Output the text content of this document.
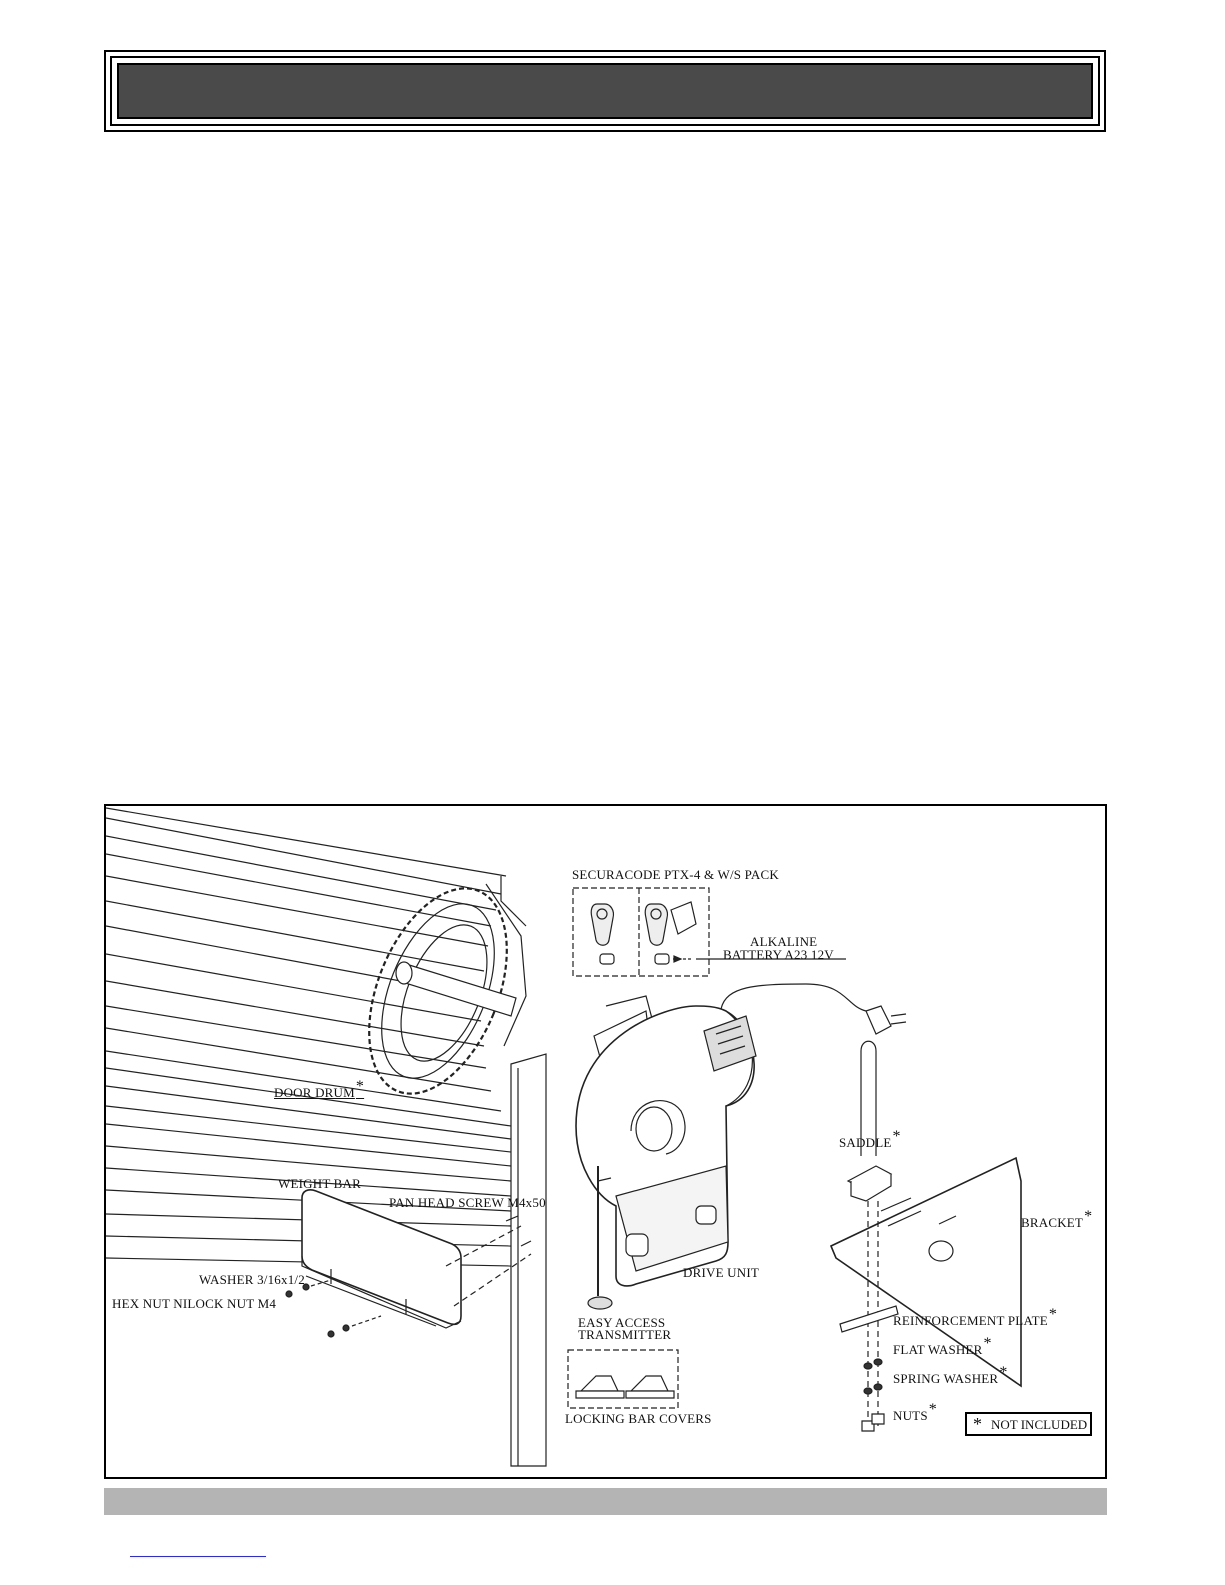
SECURACODE PTX-4 & W/S PACK
ALKALINE
BATTERY A23 12V
DOOR DRUM*
WEIGHT BAR
PAN HEAD SCREW M4x50
WASHER 3/16x1/2
HEX NUT NILOCK NUT M4
DRIVE UNIT
EASY ACCESS
TRANSMITTER
LOCKING BAR COVERS
SADDLE*
BRACKET*
REINFORCEMENT PLATE*
FLAT WASHER*
SPRING WASHER*
NUTS*
* NOT INCLUDED
